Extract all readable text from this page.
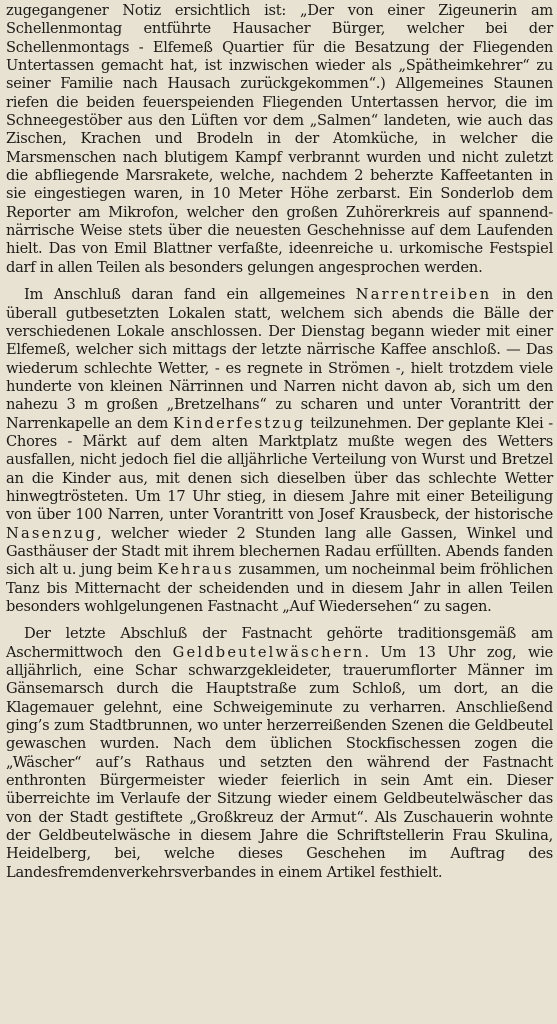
zugegangener Notiz ersichtlich ist: „Der von einer Zigeunerin am Schellenmontag entführte Hausacher Bürger, welcher bei der Schellenmontags - Elfemeß Quartier für die Besatzung der Fliegenden Untertassen gemacht hat, ist inzwischen wieder als „Spätheimkehrer“ zu seiner Familie nach Hausach zurückgekommen“.) Allgemeines Staunen riefen die beiden feuerspeienden Fliegenden Untertassen hervor, die im Schneegestöber aus den Lüften vor dem „Salmen“ landeten, wie auch das Zischen, Krachen und Brodeln in der Atomküche, in welcher die Marsmenschen nach blutigem Kampf verbrannt wurden und nicht zuletzt die abfliegende Marsrakete, welche, nachdem 2 beherzte Kaffeetanten in sie eingestiegen waren, in 10 Meter Höhe zerbarst. Ein Sonderlob dem Reporter am Mikrofon, welcher den großen Zuhörerkreis auf spannend-närrische Weise stets über die neuesten Geschehnisse auf dem Laufenden hielt. Das von Emil Blattner verfaßte, ideenreiche u. urkomische Festspiel darf in allen Teilen als besonders gelungen angesprochen werden.

Im Anschluß daran fand ein allgemeines Narrentreiben in den überall gutbesetzten Lokalen statt, welchem sich abends die Bälle der verschiedenen Lokale anschlossen. Der Dienstag begann wieder mit einer Elfemeß, welcher sich mittags der letzte närrische Kaffee anschloß. — Das wiederum schlechte Wetter, - es regnete in Strömen -, hielt trotzdem viele hunderte von kleinen Närrinnen und Narren nicht davon ab, sich um den nahezu 3 m großen „Bretzelhans“ zu scharen und unter Vorantritt der Narrenkapelle an dem Kinderfestzug teilzunehmen. Der geplante Klei - Chores - Märkt auf dem alten Marktplatz mußte wegen des Wetters ausfallen, nicht jedoch fiel die alljährliche Verteilung von Wurst und Bretzel an die Kinder aus, mit denen sich dieselben über das schlechte Wetter hinwegtrösteten. Um 17 Uhr stieg, in diesem Jahre mit einer Beteiligung von über 100 Narren, unter Vorantritt von Josef Krausbeck, der historische Nasenzug, welcher wieder 2 Stunden lang alle Gassen, Winkel und Gasthäuser der Stadt mit ihrem blechernen Radau erfüllten. Abends fanden sich alt u. jung beim Kehraus zusammen, um nocheinmal beim fröhlichen Tanz bis Mitternacht der scheidenden und in diesem Jahr in allen Teilen besonders wohlgelungenen Fastnacht „Auf Wiedersehen“ zu sagen.

Der letzte Abschluß der Fastnacht gehörte traditionsgemäß am Aschermittwoch den Geldbeutelwäschern. Um 13 Uhr zog, wie alljährlich, eine Schar schwarzgekleideter, trauerumflorter Männer im Gänsemarsch durch die Hauptstraße zum Schloß, um dort, an die Klagemauer gelehnt, eine Schweigeminute zu verharren. Anschließend ging’s zum Stadtbrunnen, wo unter herzerreißenden Szenen die Geldbeutel gewaschen wurden. Nach dem üblichen Stockfischessen zogen die „Wäscher“ auf’s Rathaus und setzten den während der Fastnacht enthronten Bürgermeister wieder feierlich in sein Amt ein. Dieser überreichte im Verlaufe der Sitzung wieder einem Geldbeutelwäscher das von der Stadt gestiftete „Großkreuz der Armut“. Als Zuschauerin wohnte der Geldbeutelwäsche in diesem Jahre die Schriftstellerin Frau Skulina, Heidelberg, bei, welche dieses Geschehen im Auftrag des Landesfremdenverkehrsverbandes in einem Artikel festhielt.
